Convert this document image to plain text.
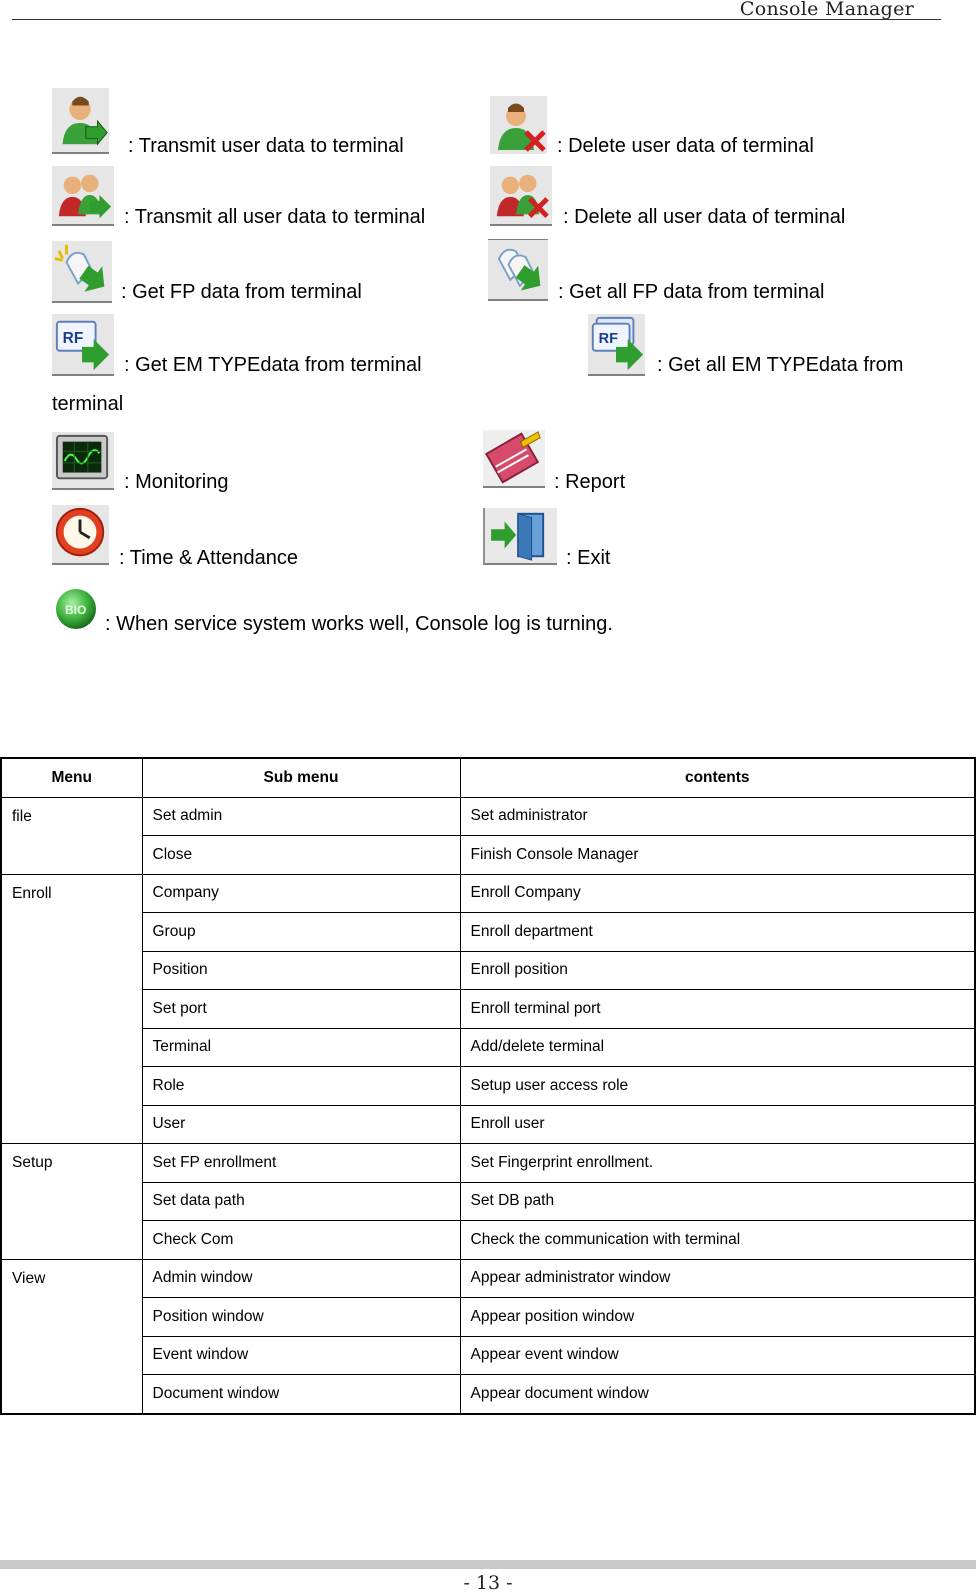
Console Manager
: Transmit user data to terminal	: Delete user data of terminal
: Transmit all user data to terminal	: Delete all user data of terminal
: Get FP data from terminal	: Get all FP data from terminal
RF
: Get EM TYPEdata from terminal
RF
: Get all EM TYPEdata from
terminal
: Monitoring	: Report
: Time & Attendance	: Exit
BIO
: When service system works well, Console log is turning.
Menu	Sub menu	contents
file	Set admin	Set administrator
	Close	Finish Console Manager
Enroll	Company	Enroll Company
	Group	Enroll department
	Position	Enroll position
	Set port	Enroll terminal port
	Terminal	Add/delete terminal
	Role	Setup user access role
	User	Enroll user
Setup	Set FP enrollment	Set Fingerprint enrollment.
	Set data path	Set DB path
	Check Com	Check the communication with terminal
View	Admin window	Appear administrator window
	Position window	Appear position window
	Event window	Appear event window
	Document window	Appear document window
- 13 -
